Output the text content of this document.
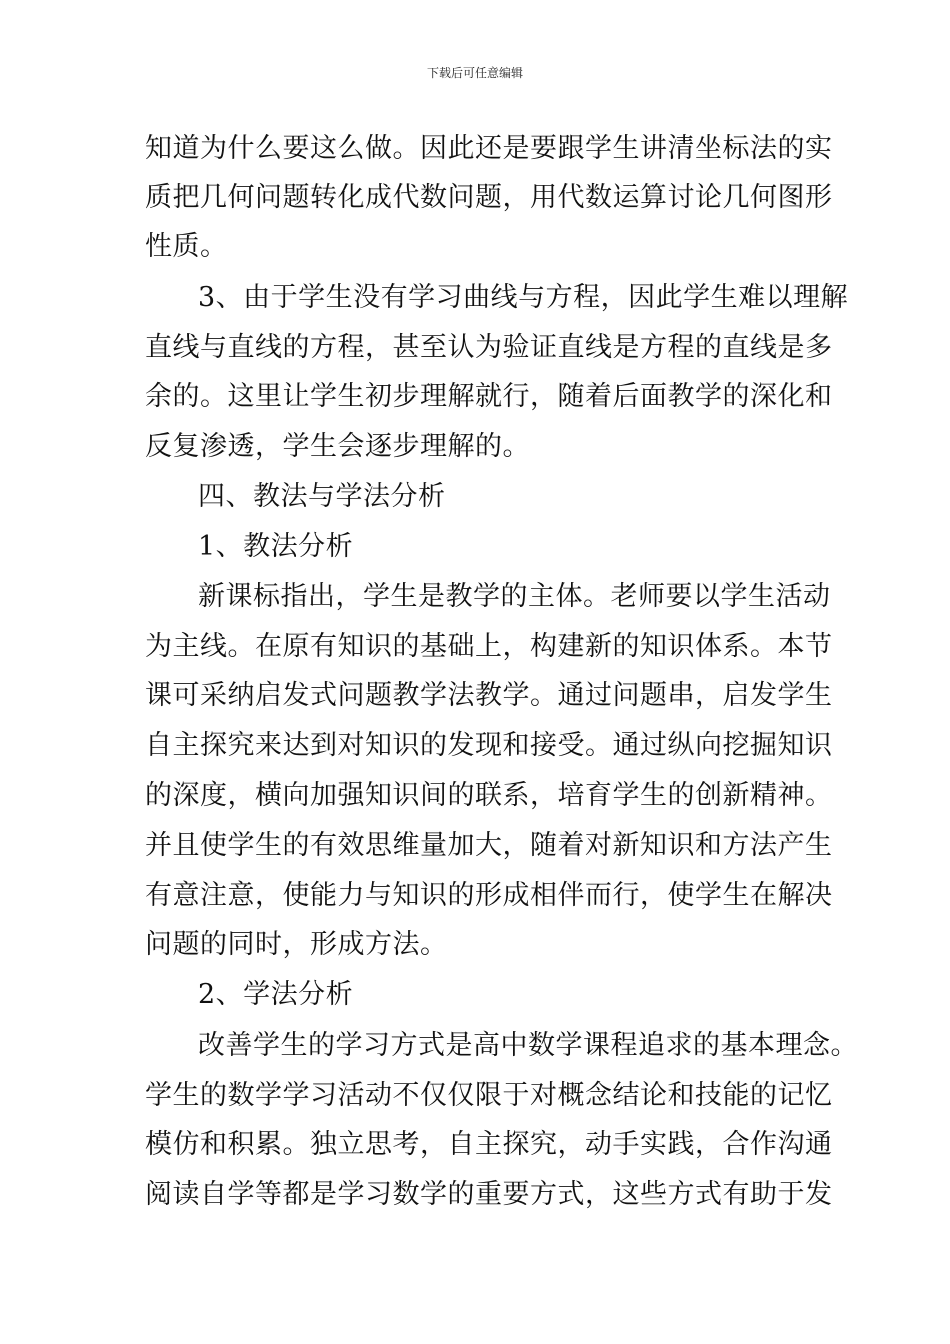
下载后可任意编辑
知道为什么要这么做。因此还是要跟学生讲清坐标法的实
质把几何问题转化成代数问题，用代数运算讨论几何图形
性质。
3、由于学生没有学习曲线与方程，因此学生难以理解
直线与直线的方程，甚至认为验证直线是方程的直线是多
余的。这里让学生初步理解就行，随着后面教学的深化和
反复渗透，学生会逐步理解的。
四、教法与学法分析
1、教法分析
新课标指出，学生是教学的主体。老师要以学生活动
为主线。在原有知识的基础上，构建新的知识体系。本节
课可采纳启发式问题教学法教学。通过问题串，启发学生
自主探究来达到对知识的发现和接受。通过纵向挖掘知识
的深度，横向加强知识间的联系，培育学生的创新精神。
并且使学生的有效思维量加大，随着对新知识和方法产生
有意注意，使能力与知识的形成相伴而行，使学生在解决
问题的同时，形成方法。
2、学法分析
改善学生的学习方式是高中数学课程追求的基本理念。
学生的数学学习活动不仅仅限于对概念结论和技能的记忆
模仿和积累。独立思考，自主探究，动手实践，合作沟通
阅读自学等都是学习数学的重要方式，这些方式有助于发
